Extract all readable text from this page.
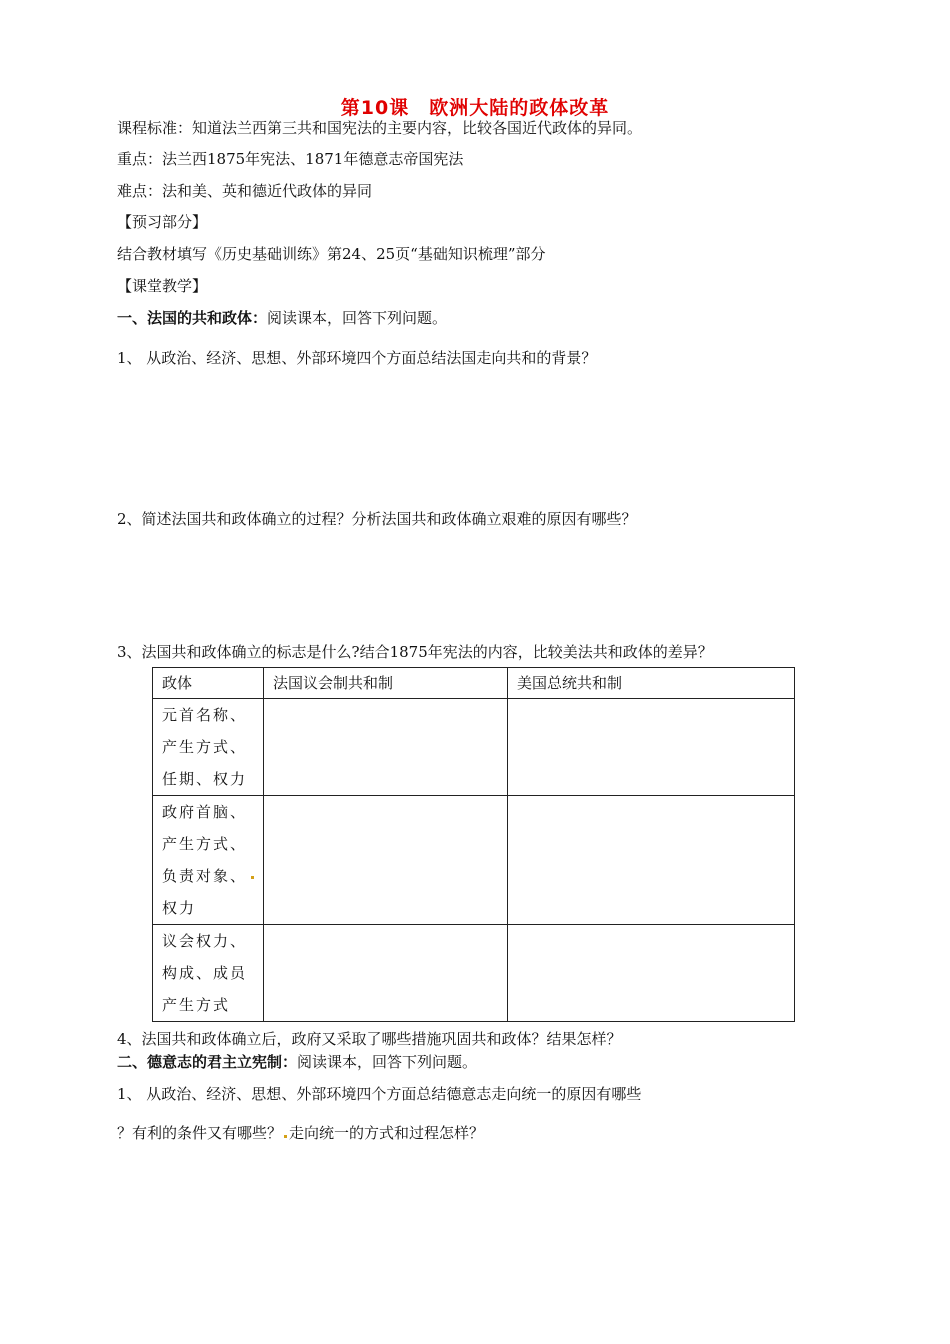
第10课　欧洲大陆的政体改革
课程标准：知道法兰西第三共和国宪法的主要内容，比较各国近代政体的异同。
重点：法兰西1875年宪法、1871年德意志帝国宪法
难点：法和美、英和德近代政体的异同
【预习部分】
结合教材填写《历史基础训练》第24、25页“基础知识梳理”部分
【课堂教学】
一、法国的共和政体：阅读课本，回答下列问题。
1、 从政治、经济、思想、外部环境四个方面总结法国走向共和的背景？
2、简述法国共和政体确立的过程？分析法国共和政体确立艰难的原因有哪些？
3、法国共和政体确立的标志是什么?结合1875年宪法的内容，比较美法共和政体的差异？
政体	法国议会制共和制	美国总统共和制

元首名称、
产生方式、
任期、权力		

政府首脑、
产生方式、
负责对象、
权力		

议会权力、
构成、成员
产生方式		

4、法国共和政体确立后，政府又采取了哪些措施巩固共和政体？结果怎样？
二、德意志的君主立宪制：阅读课本，回答下列问题。
1、 从政治、经济、思想、外部环境四个方面总结德意志走向统一的原因有哪些
？有利的条件又有哪些？ 走向统一的方式和过程怎样？
